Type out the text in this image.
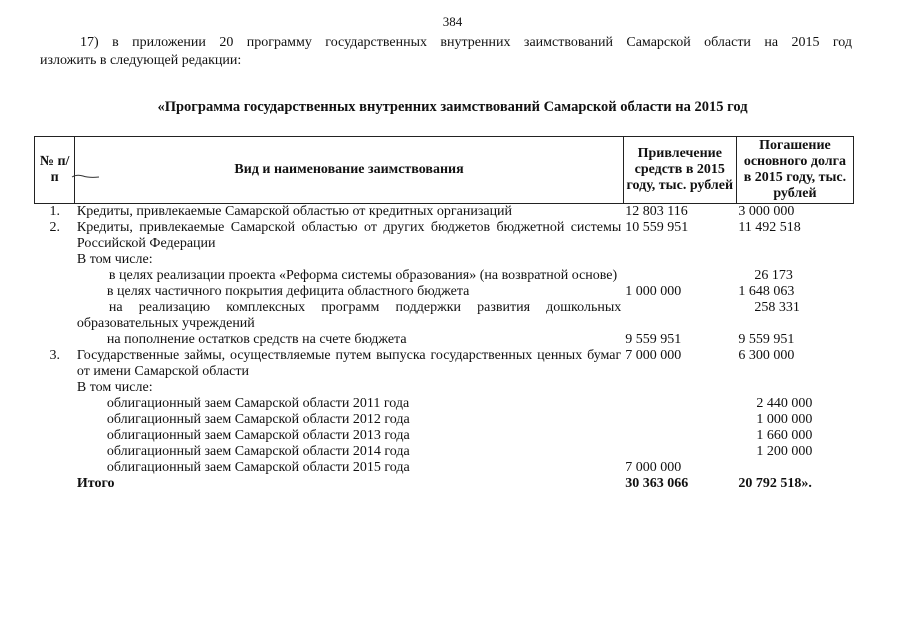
384
17) в приложении 20 программу государственных внутренних заимствований Самарской области на 2015 год
изложить в следующей редакции:
«Программа государственных внутренних заимствований Самарской области на 2015 год
№ п/п	Вид и наименование заимствования	Привлечение средств в 2015 году, тыс. рублей	Погашение основного долга в 2015 году, тыс. рублей
1.	Кредиты, привлекаемые Самарской областью от кредитных организаций	12 803 116	3 000 000
2.	Кредиты, привлекаемые Самарской областью от других бюджетов бюджетной системы Российской Федерации	10 559 951	11 492 518
	В том числе:		
	в целях реализации проекта «Реформа системы образования» (на возвратной основе)		26 173
	в целях частичного покрытия дефицита областного бюджета	1 000 000	1 648 063
	на реализацию комплексных программ поддержки развития дошкольных образовательных учреждений		258 331
	на пополнение остатков средств на счете бюджета	9 559 951	9 559 951
3.	Государственные займы, осуществляемые путем выпуска государственных ценных бумаг от имени Самарской области	7 000 000	6 300 000
	В том числе:		
	облигационный заем Самарской области 2011 года		2 440 000
	облигационный заем Самарской области 2012 года		1 000 000
	облигационный заем Самарской области 2013 года		1 660 000
	облигационный заем Самарской области 2014 года		1 200 000
	облигационный заем Самарской области 2015 года	7 000 000	
	Итого	30 363 066	20 792 518».
